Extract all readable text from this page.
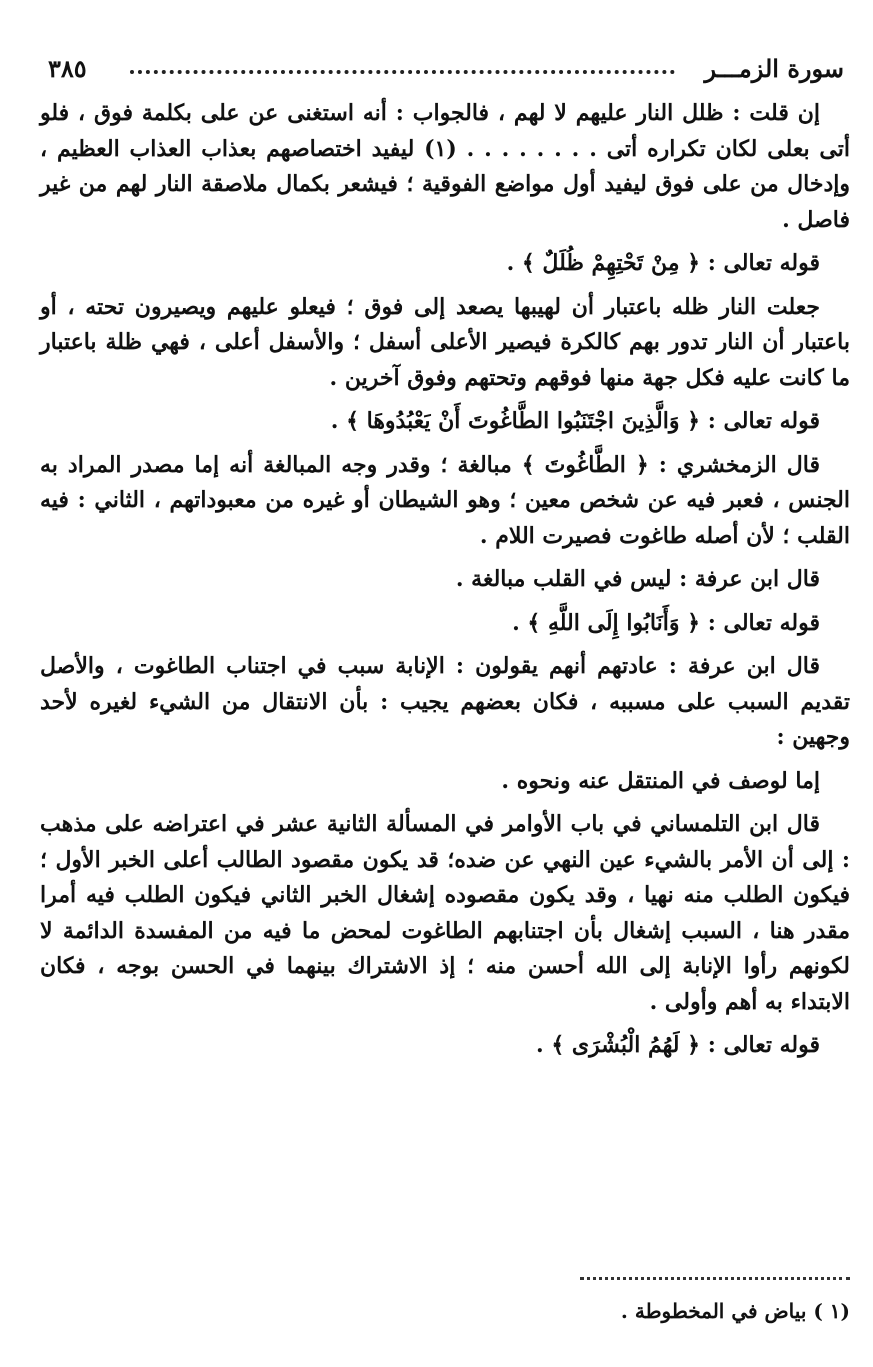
سورة الزمـــر
٣٨٥

إن قلت : ظلل النار عليهم لا لهم ، فالجواب : أنه استغنى عن على بكلمة فوق ، فلو أتى بعلى لكان تكراره أتى . . . . . . . . (١) ليفيد اختصاصهم بعذاب العذاب العظيم ، وإدخال من على فوق ليفيد أول مواضع الفوقية ؛ فيشعر بكمال ملاصقة النار لهم من غير فاصل .

قوله تعالى : ﴿ مِنْ تَحْتِهِمْ ظُلَلٌ ﴾ .

جعلت النار ظله باعتبار أن لهيبها يصعد إلى فوق ؛ فيعلو عليهم ويصيرون تحته ، أو باعتبار أن النار تدور بهم كالكرة فيصير الأعلى أسفل ؛ والأسفل أعلى ، فهي ظلة باعتبار ما كانت عليه فكل جهة منها فوقهم وتحتهم وفوق آخرين .

قوله تعالى : ﴿ وَالَّذِينَ اجْتَنَبُوا الطَّاغُوتَ أَنْ يَعْبُدُوهَا ﴾ .

قال الزمخشري : ﴿ الطَّاغُوتَ ﴾ مبالغة ؛ وقدر وجه المبالغة أنه إما مصدر المراد به الجنس ، فعبر فيه عن شخص معين ؛ وهو الشيطان أو غيره من معبوداتهم ، الثاني : فيه القلب ؛ لأن أصله طاغوت فصيرت اللام .

قال ابن عرفة : ليس في القلب مبالغة .

قوله تعالى : ﴿ وَأَنَابُوا إِلَى اللَّهِ ﴾ .

قال ابن عرفة : عادتهم أنهم يقولون : الإنابة سبب في اجتناب الطاغوت ، والأصل تقديم السبب على مسببه ، فكان بعضهم يجيب : بأن الانتقال من الشيء لغيره لأحد وجهين :

إما لوصف في المنتقل عنه ونحوه .

قال ابن التلمساني في باب الأوامر في المسألة الثانية عشر في اعتراضه على مذهب : إلى أن الأمر بالشيء عين النهي عن ضده؛ قد يكون مقصود الطالب أعلى الخبر الأول ؛ فيكون الطلب منه نهيا ، وقد يكون مقصوده إشغال الخبر الثاني فيكون الطلب فيه أمرا مقدر هنا ، السبب إشغال بأن اجتنابهم الطاغوت لمحض ما فيه من المفسدة الدائمة لا لكونهم رأوا الإنابة إلى الله أحسن منه ؛ إذ الاشتراك بينهما في الحسن بوجه ، فكان الابتداء به أهم وأولى .

قوله تعالى : ﴿ لَهُمُ الْبُشْرَى ﴾ .

(١ ) بياض في المخطوطة .
